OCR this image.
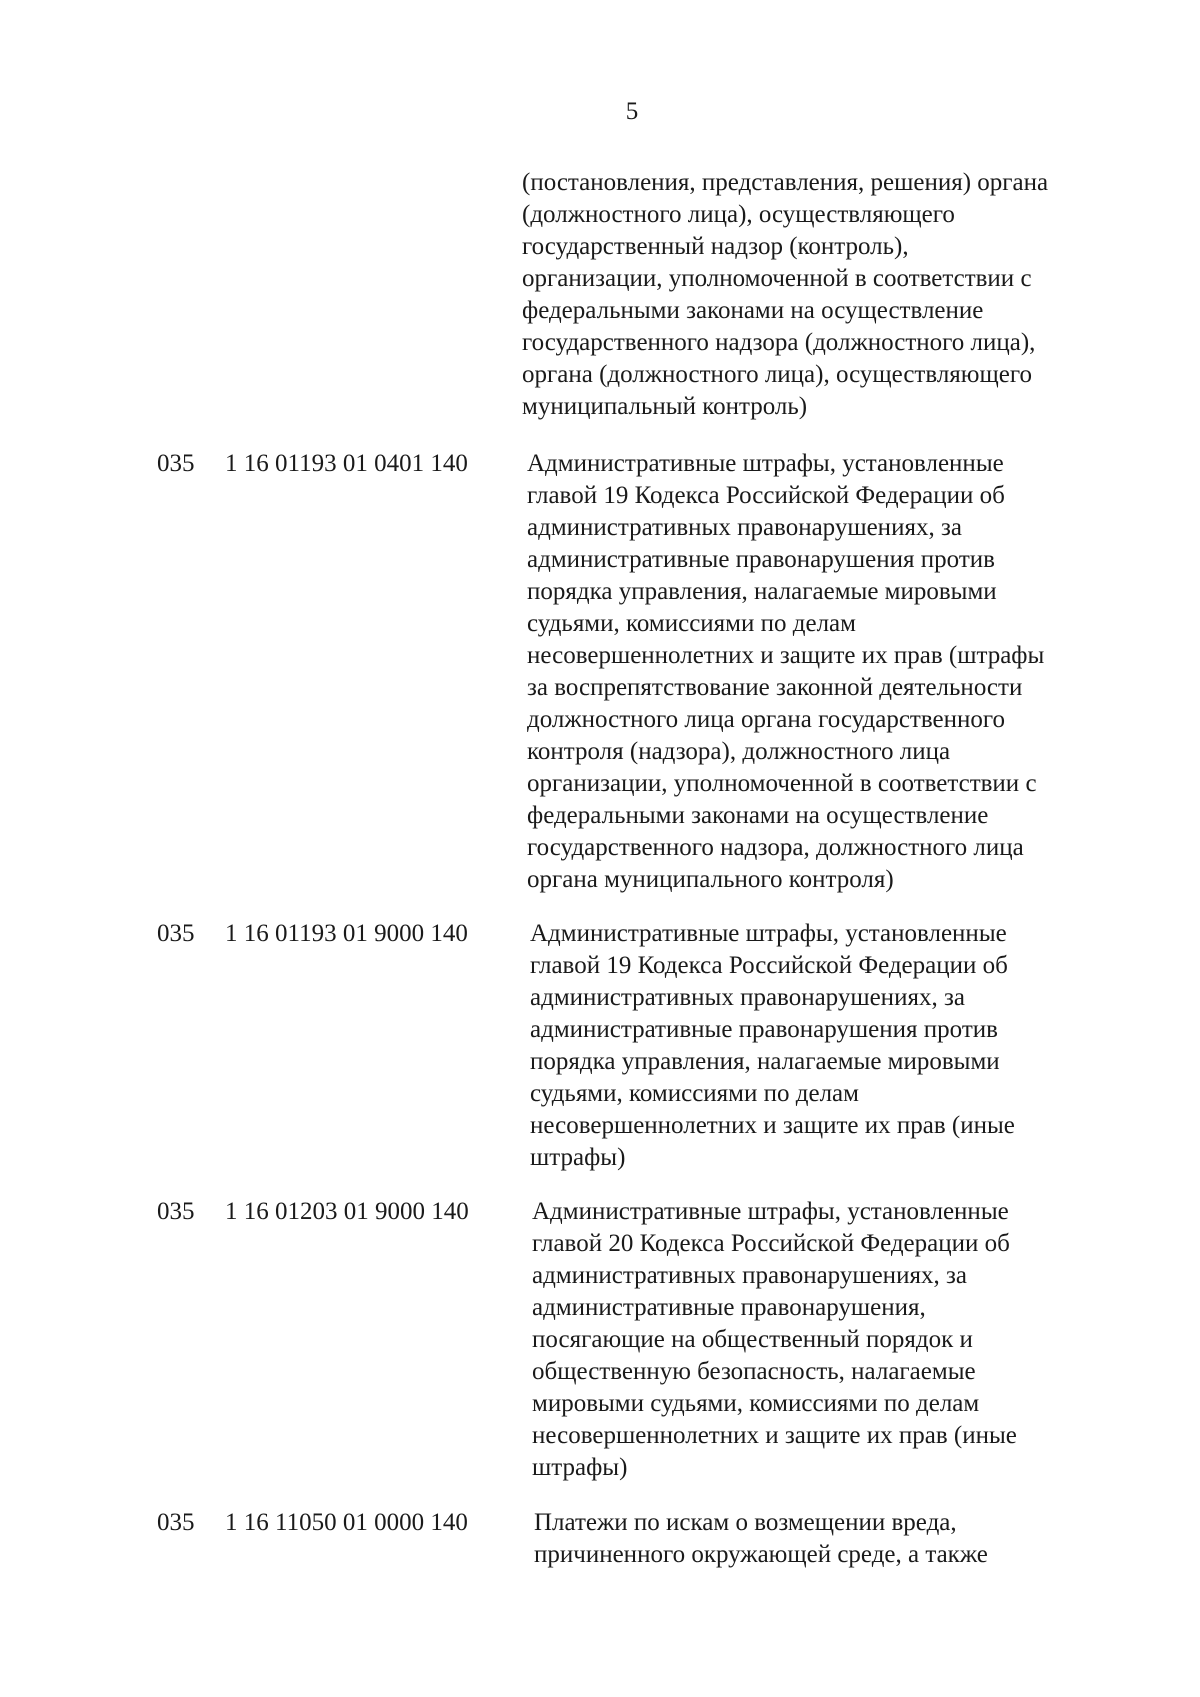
5
(постановления, представления, решения) органа
(должностного лица), осуществляющего
государственный надзор (контроль),
организации, уполномоченной в соответствии с
федеральными законами на осуществление
государственного надзора (должностного лица),
органа (должностного лица), осуществляющего
муниципальный контроль)
035 1 16 01193 01 0401 140 Административные штрафы, установленные
главой 19 Кодекса Российской Федерации об
административных правонарушениях, за
административные правонарушения против
порядка управления, налагаемые мировыми
судьями, комиссиями по делам
несовершеннолетних и защите их прав (штрафы
за воспрепятствование законной деятельности
должностного лица органа государственного
контроля (надзора), должностного лица
организации, уполномоченной в соответствии с
федеральными законами на осуществление
государственного надзора, должностного лица
органа муниципального контроля)
035 1 16 01193 01 9000 140 Административные штрафы, установленные
главой 19 Кодекса Российской Федерации об
административных правонарушениях, за
административные правонарушения против
порядка управления, налагаемые мировыми
судьями, комиссиями по делам
несовершеннолетних и защите их прав (иные
штрафы)
035 1 16 01203 01 9000 140	Административные штрафы, установленные
главой 20 Кодекса Российской Федерации об
административных правонарушениях, за
административные правонарушения,
посягающие на общественный порядок и
общественную безопасность, налагаемые
мировыми судьями, комиссиями по делам
несовершеннолетних и защите их прав (иные
штрафы)
035 1 16 11050 01 0000 140	Платежи по искам о возмещении вреда,
причиненного окружающей среде, а также
